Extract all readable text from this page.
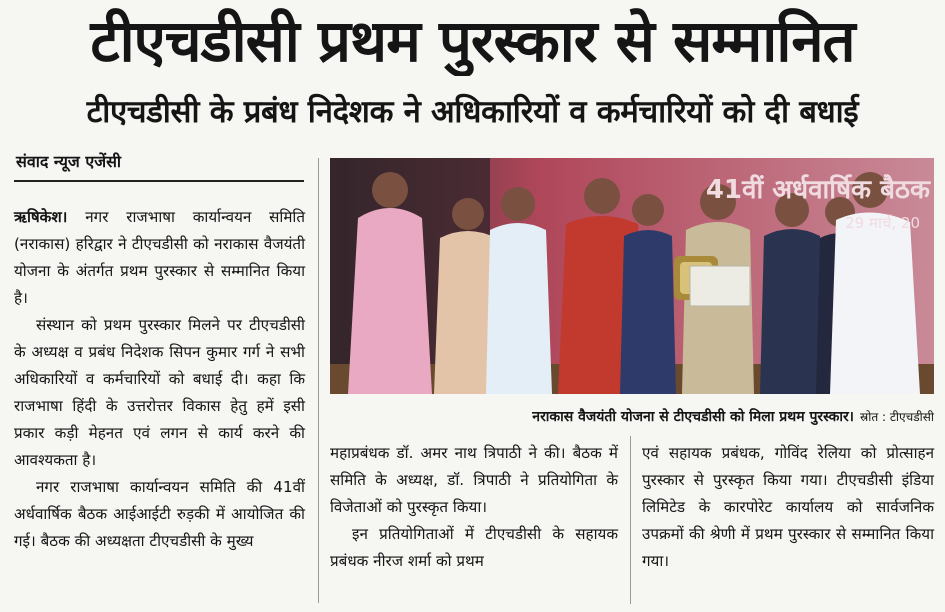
टीएचडीसी प्रथम पुरस्कार से सम्मानित
टीएचडीसी के प्रबंध निदेशक ने अधिकारियों व कर्मचारियों को दी बधाई
संवाद न्यूज एजेंसी

ऋषिकेश। नगर राजभाषा कार्यान्वयन समिति (नराकास) हरिद्वार ने टीएचडीसी को नराकास वैजयंती योजना के अंतर्गत प्रथम पुरस्कार से सम्मानित किया है।

संस्थान को प्रथम पुरस्कार मिलने पर टीएचडीसी के अध्यक्ष व प्रबंध निदेशक सिपन कुमार गर्ग ने सभी अधिकारियों व कर्मचारियों को बधाई दी। कहा कि राजभाषा हिंदी के उत्तरोत्तर विकास हेतु हमें इसी प्रकार कड़ी मेहनत एवं लगन से कार्य करने की आवश्यकता है।

नगर राजभाषा कार्यान्वयन समिति की 41वीं अर्धवार्षिक बैठक आईआईटी रुड़की में आयोजित की गई। बैठक की अध्यक्षता टीएचडीसी के मुख्य

41वीं अर्धवार्षिक बैठक
29 मार्च, 20
नराकास वैजयंती योजना से टीएचडीसी को मिला प्रथम पुरस्कार। स्रोत : टीएचडीसी

महाप्रबंधक डॉ. अमर नाथ त्रिपाठी ने की। बैठक में समिति के अध्यक्ष, डॉ. त्रिपाठी ने प्रतियोगिता के विजेताओं को पुरस्कृत किया।

इन प्रतियोगिताओं में टीएचडीसी के सहायक प्रबंधक नीरज शर्मा को प्रथम

एवं सहायक प्रबंधक, गोविंद रेलिया को प्रोत्साहन पुरस्कार से पुरस्कृत किया गया। टीएचडीसी इंडिया लिमिटेड के कारपोरेट कार्यालय को सार्वजनिक उपक्रमों की श्रेणी में प्रथम पुरस्कार से सम्मानित किया गया।
